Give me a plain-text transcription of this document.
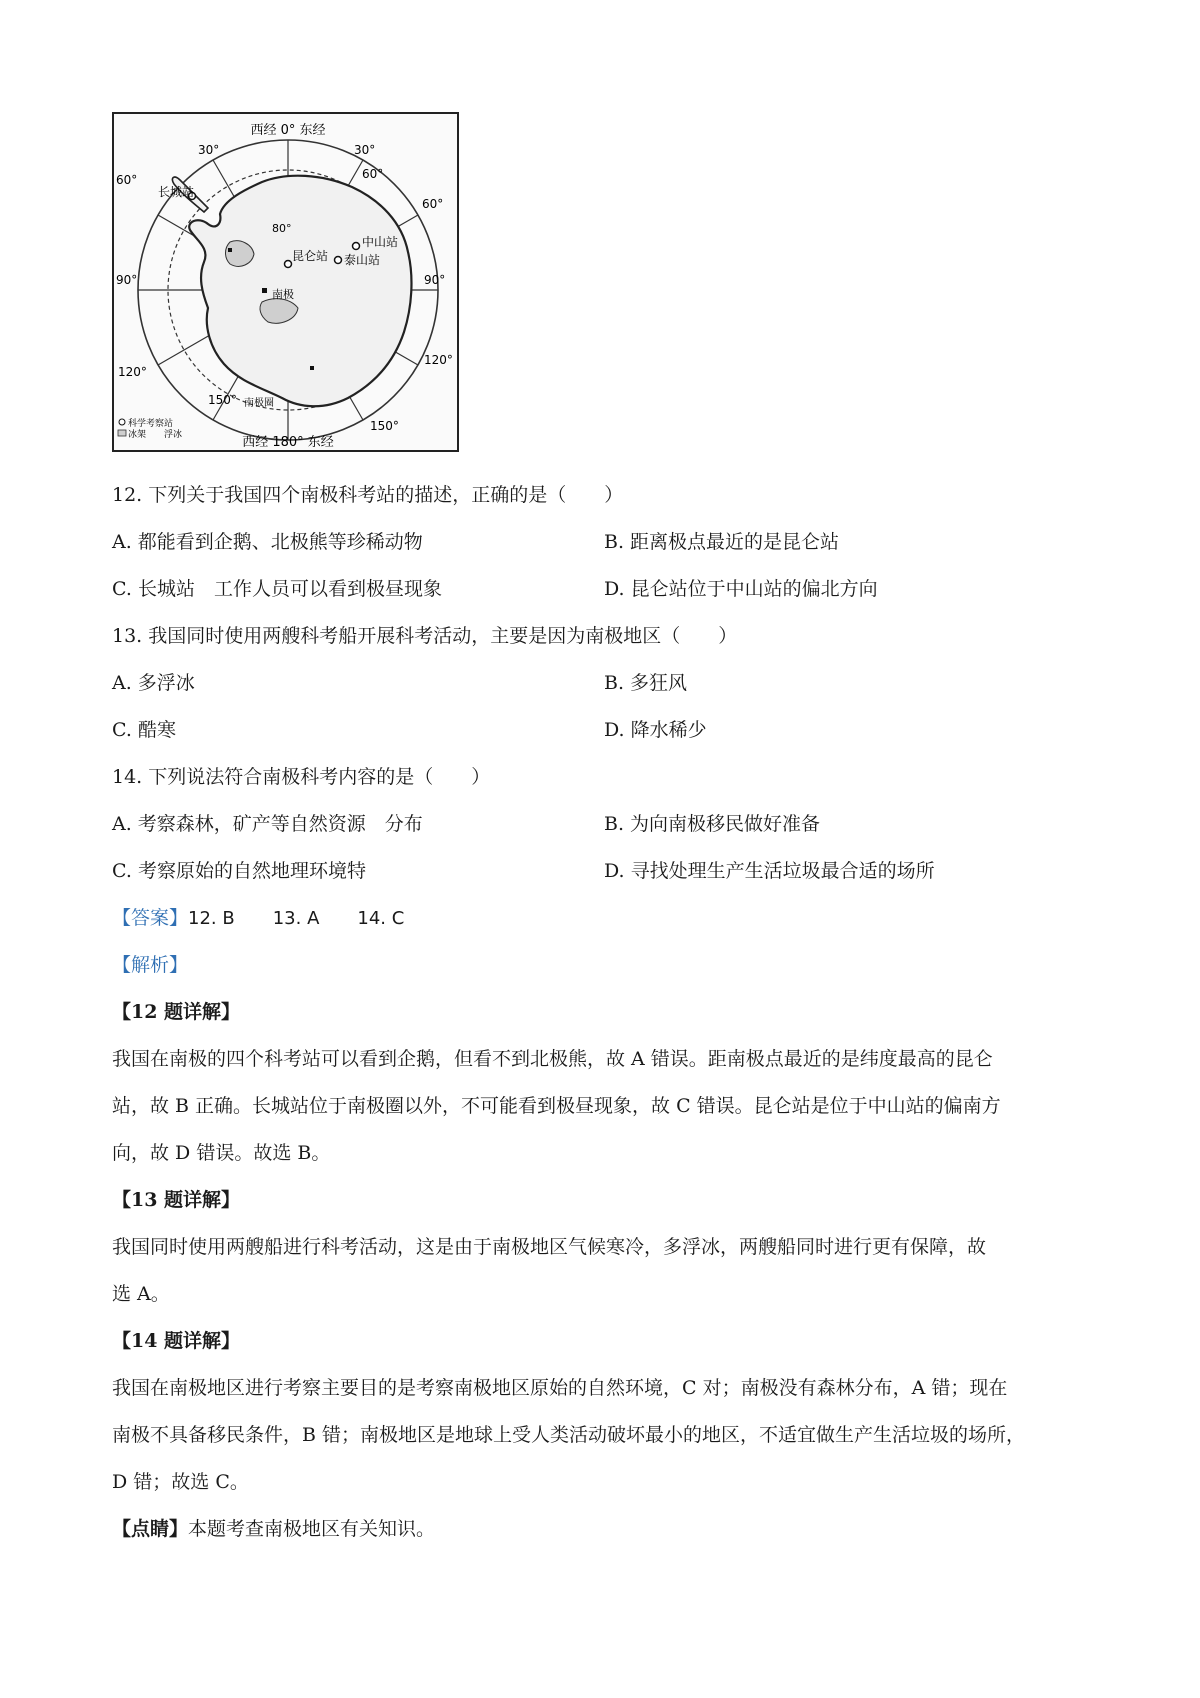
西经 0° 东经
西经 180° 东经
30°	30°
60°
60°
60°
90°	90°
120°
120°
150°
150°
80°
长城站
昆仑站
中山站
泰山站
南极
南极圈
科学考察站
冰架 浮冰
12. 下列关于我国四个南极科考站的描述，正确的是（　　）
A. 都能看到企鹅、北极熊等珍稀动物	B. 距离极点最近的是昆仑站
C. 长城站　工作人员可以看到极昼现象	D. 昆仑站位于中山站的偏北方向
13. 我国同时使用两艘科考船开展科考活动，主要是因为南极地区（　　）
A. 多浮冰	B. 多狂风
C. 酷寒	D. 降水稀少
14. 下列说法符合南极科考内容的是（　　）
A. 考察森林，矿产等自然资源　分布	B. 为向南极移民做好准备
C. 考察原始的自然地理环境特	D. 寻找处理生产生活垃圾最合适的场所
【答案】12. B 13. A 14. C
【解析】
【12 题详解】
我国在南极的四个科考站可以看到企鹅，但看不到北极熊，故 A 错误。距南极点最近的是纬度最高的昆仑
站，故 B 正确。长城站位于南极圈以外，不可能看到极昼现象，故 C 错误。昆仑站是位于中山站的偏南方
向，故 D 错误。故选 B。
【13 题详解】
我国同时使用两艘船进行科考活动，这是由于南极地区气候寒冷，多浮冰，两艘船同时进行更有保障，故
选 A。
【14 题详解】
我国在南极地区进行考察主要目的是考察南极地区原始的自然环境，C 对；南极没有森林分布，A 错；现在
南极不具备移民条件，B 错；南极地区是地球上受人类活动破坏最小的地区，不适宜做生产生活垃圾的场所，
D 错；故选 C。
【点睛】本题考查南极地区有关知识。
